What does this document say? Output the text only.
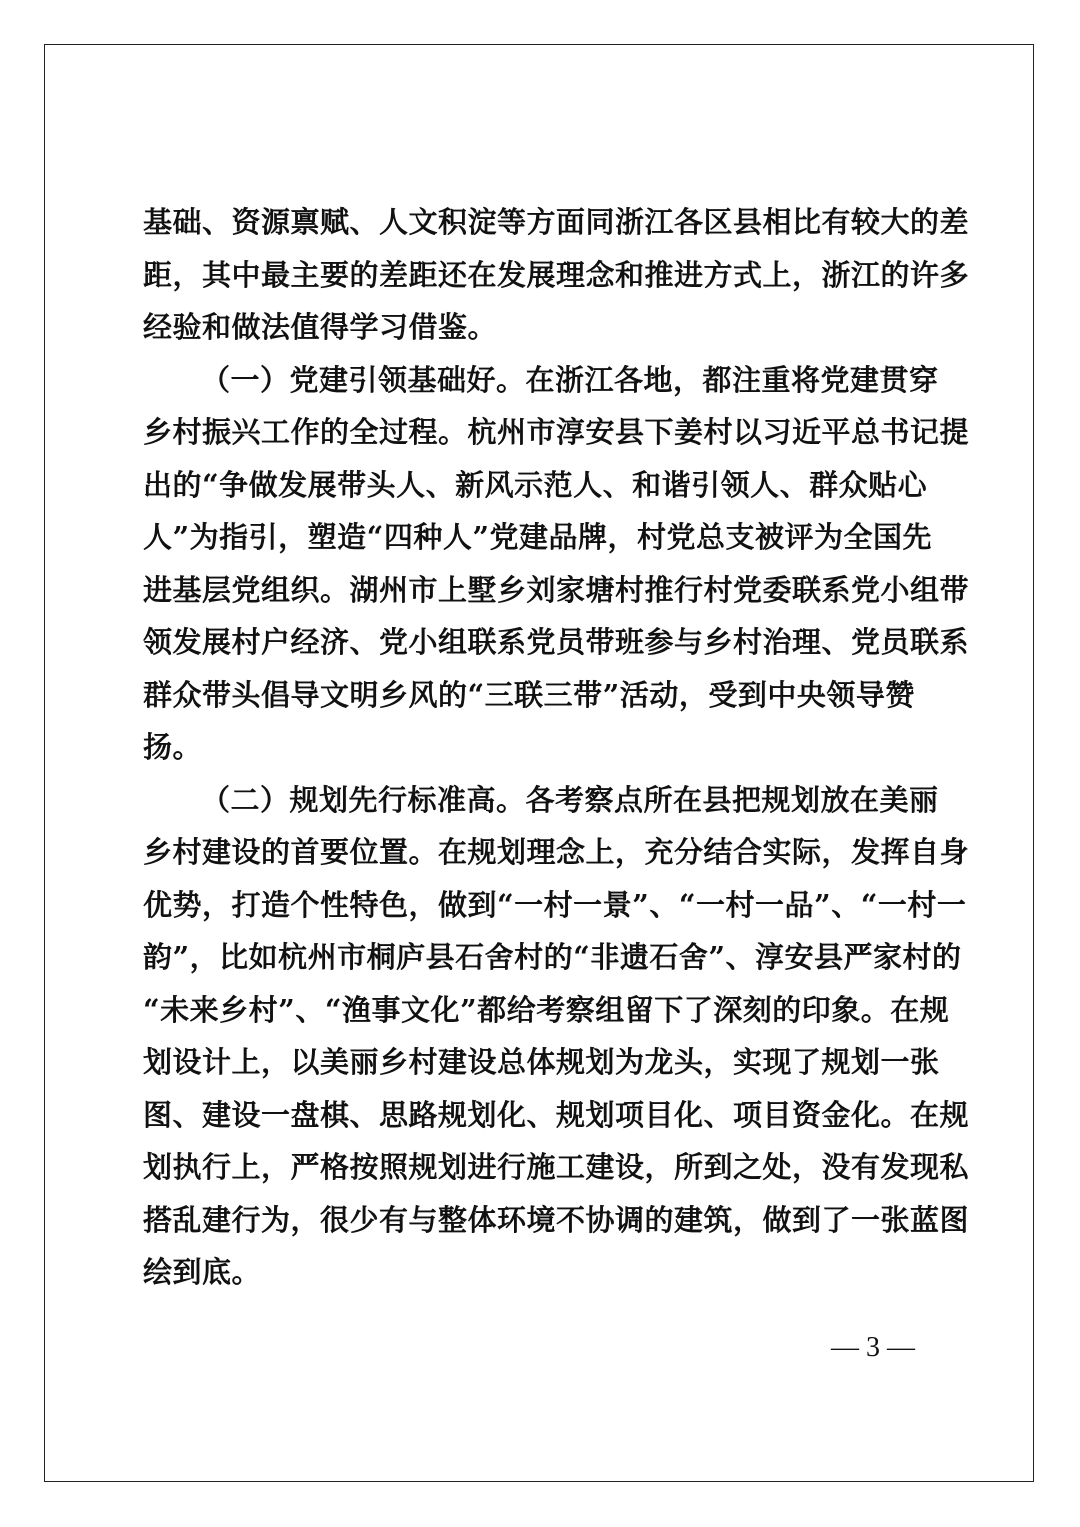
基础、资源禀赋、人文积淀等方面同浙江各区县相比有较大的差
距，其中最主要的差距还在发展理念和推进方式上，浙江的许多
经验和做法值得学习借鉴。
（一）党建引领基础好。在浙江各地，都注重将党建贯穿
乡村振兴工作的全过程。杭州市淳安县下姜村以习近平总书记提
出的“争做发展带头人、新风示范人、和谐引领人、群众贴心
人”为指引，塑造“四种人”党建品牌，村党总支被评为全国先
进基层党组织。湖州市上墅乡刘家塘村推行村党委联系党小组带
领发展村户经济、党小组联系党员带班参与乡村治理、党员联系
群众带头倡导文明乡风的“三联三带”活动，受到中央领导赞
扬。
（二）规划先行标准高。各考察点所在县把规划放在美丽
乡村建设的首要位置。在规划理念上，充分结合实际，发挥自身
优势，打造个性特色，做到“一村一景”、“一村一品”、“一村一
韵”，比如杭州市桐庐县石舍村的“非遗石舍”、淳安县严家村的
“未来乡村”、“渔事文化”都给考察组留下了深刻的印象。在规
划设计上，以美丽乡村建设总体规划为龙头，实现了规划一张
图、建设一盘棋、思路规划化、规划项目化、项目资金化。在规
划执行上，严格按照规划进行施工建设，所到之处，没有发现私
搭乱建行为，很少有与整体环境不协调的建筑，做到了一张蓝图
绘到底。
— 3 —
